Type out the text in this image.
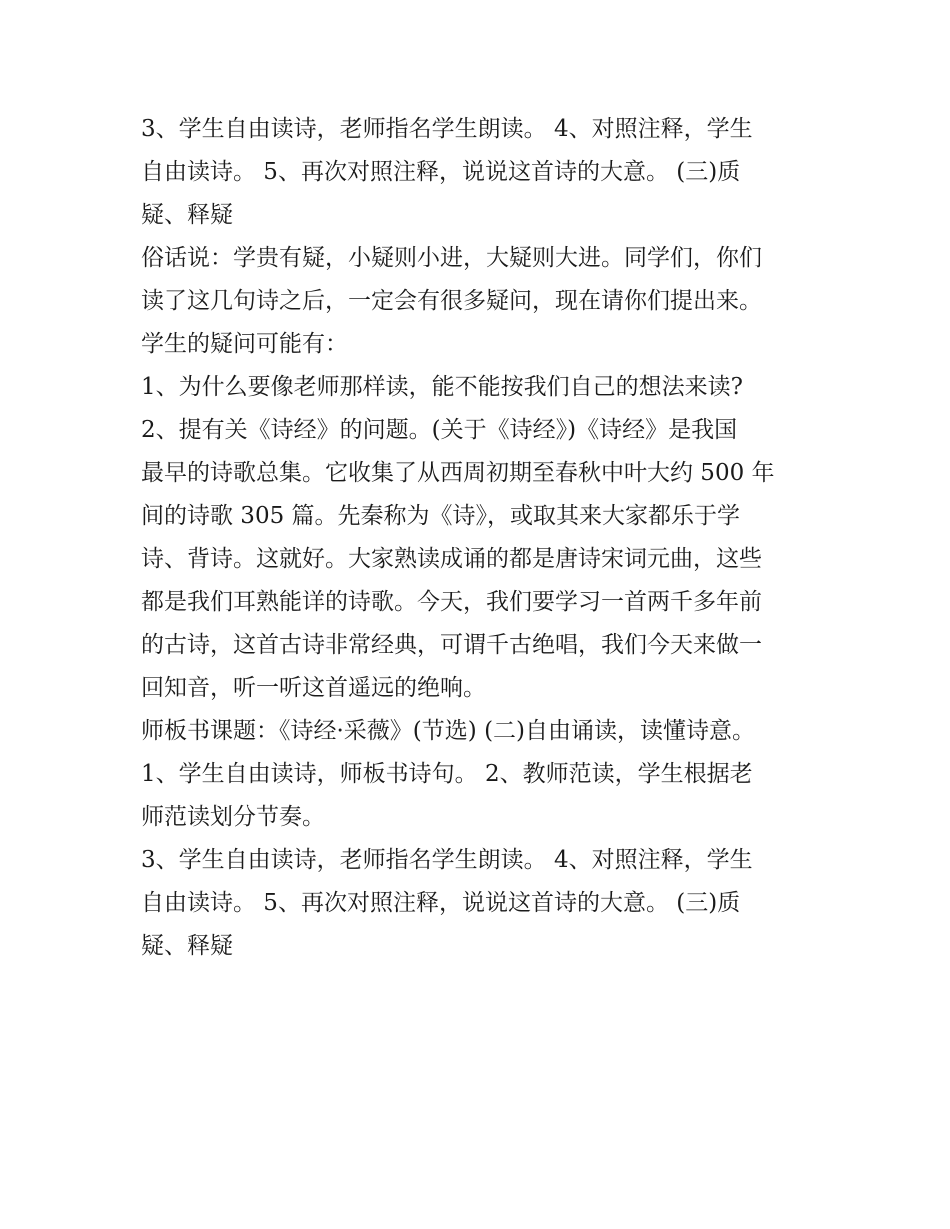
3、学生自由读诗，老师指名学生朗读。 4、对照注释，学生

自由读诗。 5、再次对照注释，说说这首诗的大意。 (三)质

疑、释疑

俗话说：学贵有疑，小疑则小进，大疑则大进。同学们，你们

读了这几句诗之后，一定会有很多疑问，现在请你们提出来。

学生的疑问可能有：

1、为什么要像老师那样读，能不能按我们自己的想法来读?

2、提有关《诗经》的问题。(关于《诗经》)《诗经》是我国

最早的诗歌总集。它收集了从西周初期至春秋中叶大约 500 年

间的诗歌 305 篇。先秦称为《诗》，或取其来大家都乐于学

诗、背诗。这就好。大家熟读成诵的都是唐诗宋词元曲，这些

都是我们耳熟能详的诗歌。今天，我们要学习一首两千多年前

的古诗，这首古诗非常经典，可谓千古绝唱，我们今天来做一

回知音，听一听这首遥远的绝响。

师板书课题：《诗经·采薇》(节选) (二)自由诵读，读懂诗意。

1、学生自由读诗，师板书诗句。 2、教师范读，学生根据老

师范读划分节奏。

3、学生自由读诗，老师指名学生朗读。 4、对照注释，学生

自由读诗。 5、再次对照注释，说说这首诗的大意。 (三)质

疑、释疑
